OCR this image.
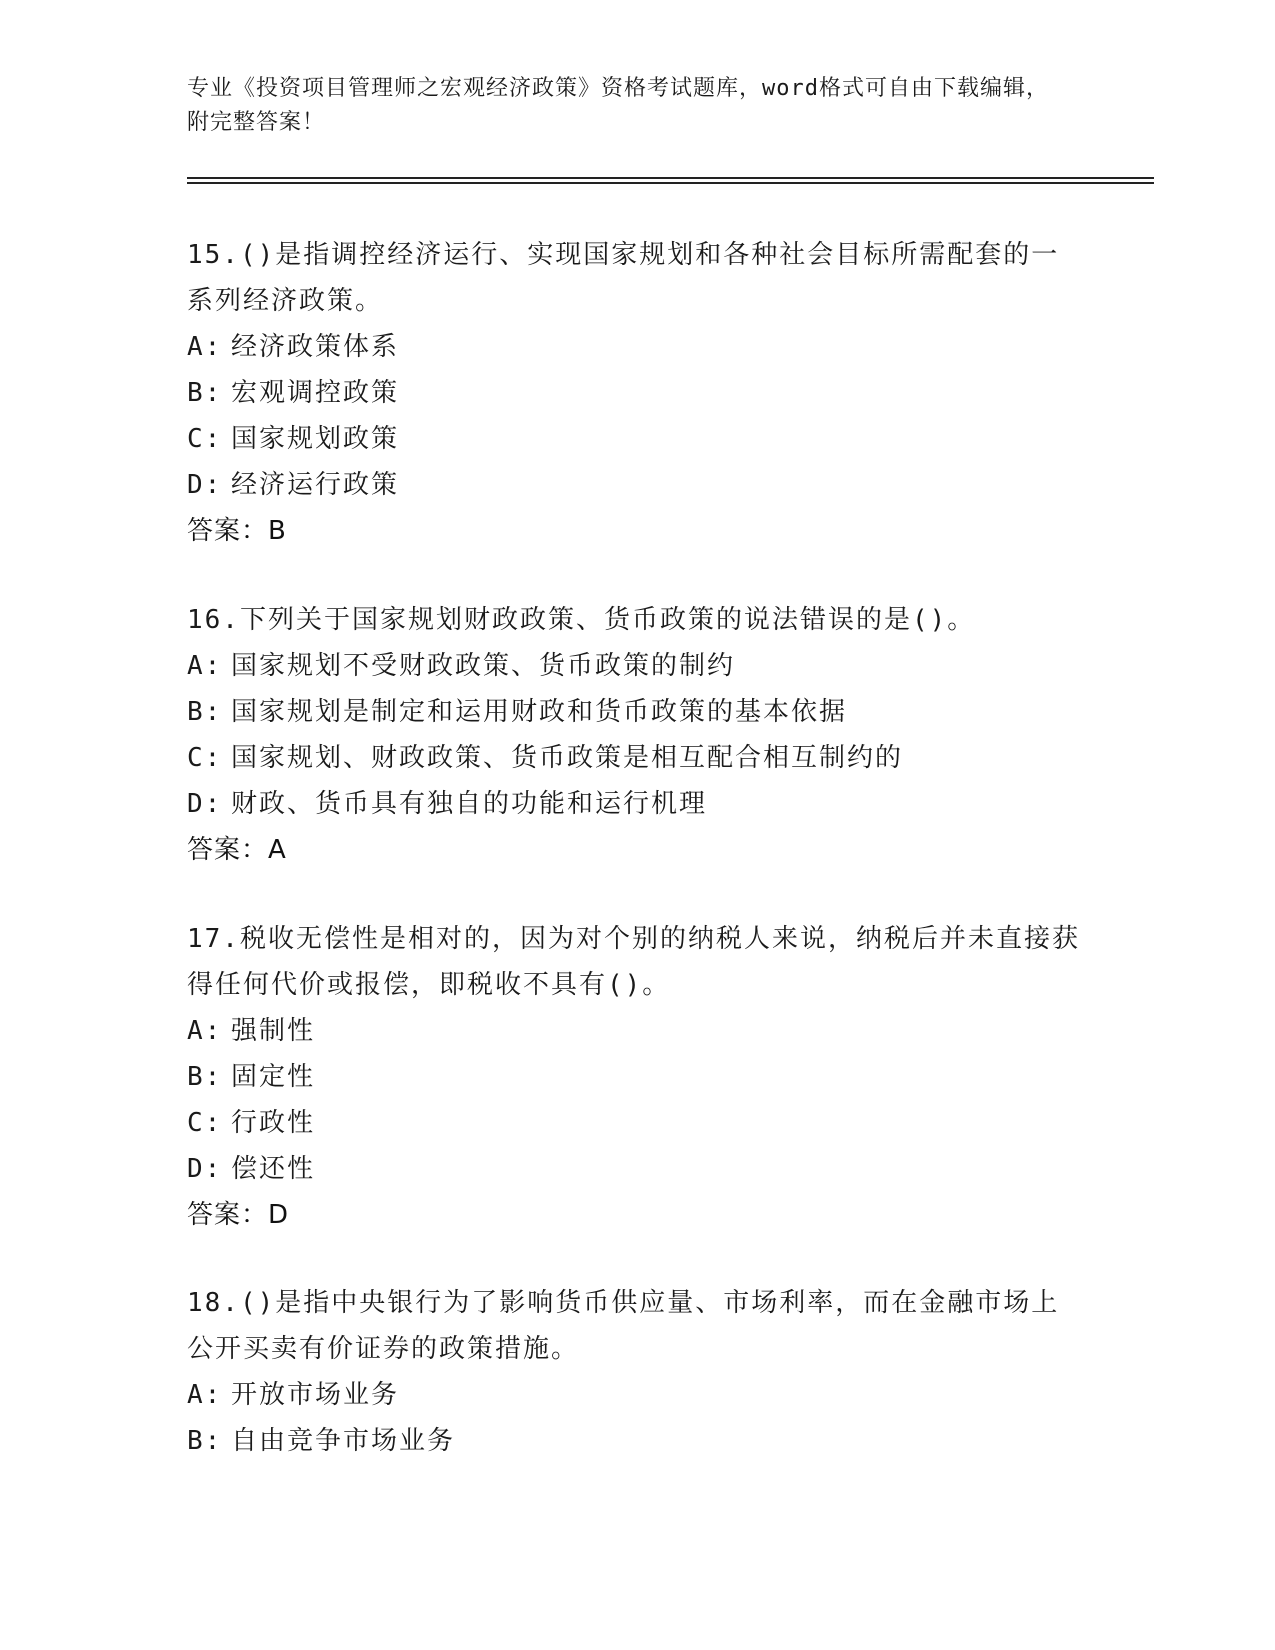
专业《投资项目管理师之宏观经济政策》资格考试题库，word格式可自由下载编辑，附完整答案！

15.()是指调控经济运行、实现国家规划和各种社会目标所需配套的一系列经济政策。

A: 经济政策体系

B: 宏观调控政策

C: 国家规划政策

D: 经济运行政策

答案：B

16.下列关于国家规划财政政策、货币政策的说法错误的是()。

A: 国家规划不受财政政策、货币政策的制约

B: 国家规划是制定和运用财政和货币政策的基本依据

C: 国家规划、财政政策、货币政策是相互配合相互制约的

D: 财政、货币具有独自的功能和运行机理

答案：A

17.税收无偿性是相对的，因为对个别的纳税人来说，纳税后并未直接获得任何代价或报偿，即税收不具有()。

A: 强制性

B: 固定性

C: 行政性

D: 偿还性

答案：D

18.()是指中央银行为了影响货币供应量、市场利率，而在金融市场上公开买卖有价证券的政策措施。

A: 开放市场业务

B: 自由竞争市场业务
